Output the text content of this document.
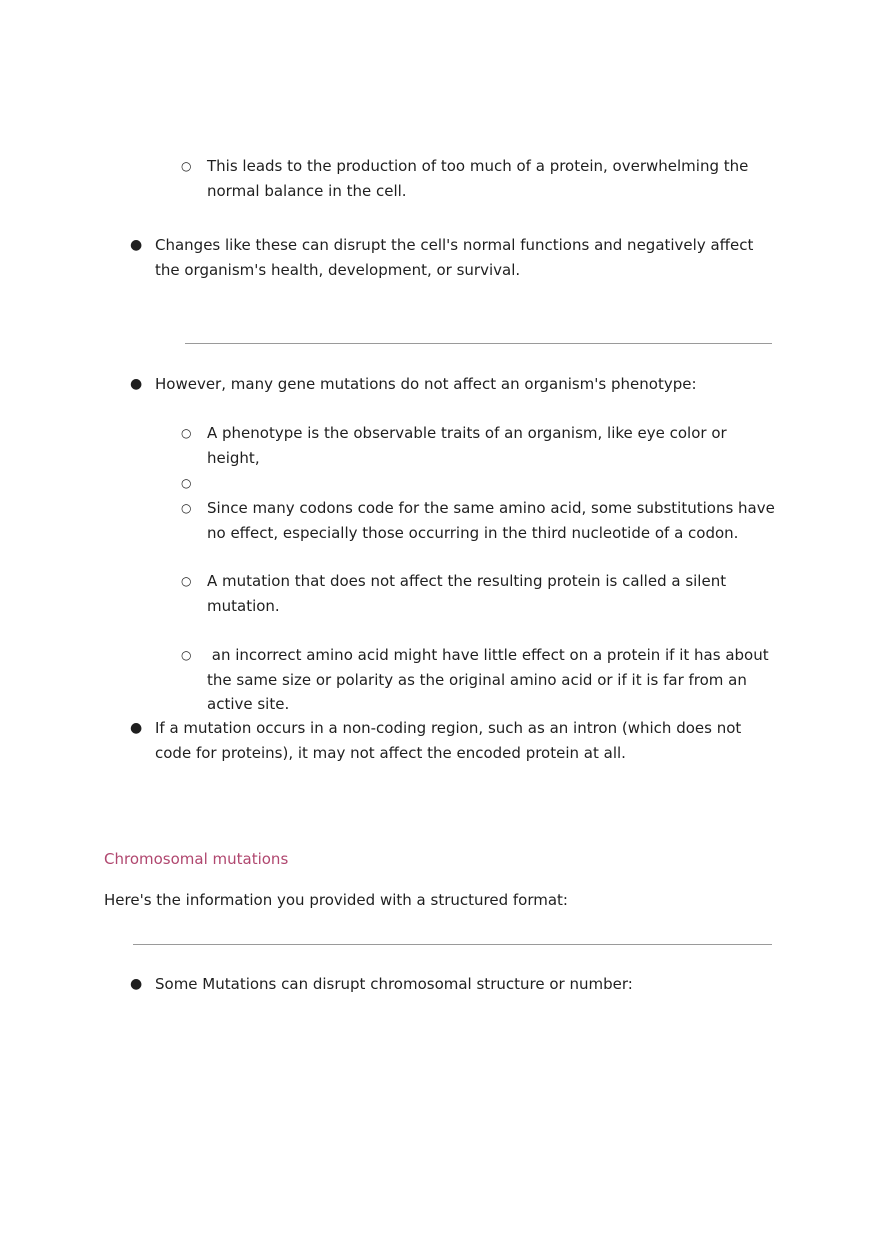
○ This leads to the production of too much of a protein, overwhelming the normal balance in the cell.
● Changes like these can disrupt the cell's normal functions and negatively affect the organism's health, development, or survival.
● However, many gene mutations do not affect an organism's phenotype:
○ A phenotype is the observable traits of an organism, like eye color or height,
○
○ Since many codons code for the same amino acid, some substitutions have no effect, especially those occurring in the third nucleotide of a codon.
○ A mutation that does not affect the resulting protein is called a silent mutation.
○ an incorrect amino acid might have little effect on a protein if it has about the same size or polarity as the original amino acid or if it is far from an active site.
● If a mutation occurs in a non-coding region, such as an intron (which does not code for proteins), it may not affect the encoded protein at all.
Chromosomal mutations
Here's the information you provided with a structured format:
● Some Mutations can disrupt chromosomal structure or number:
